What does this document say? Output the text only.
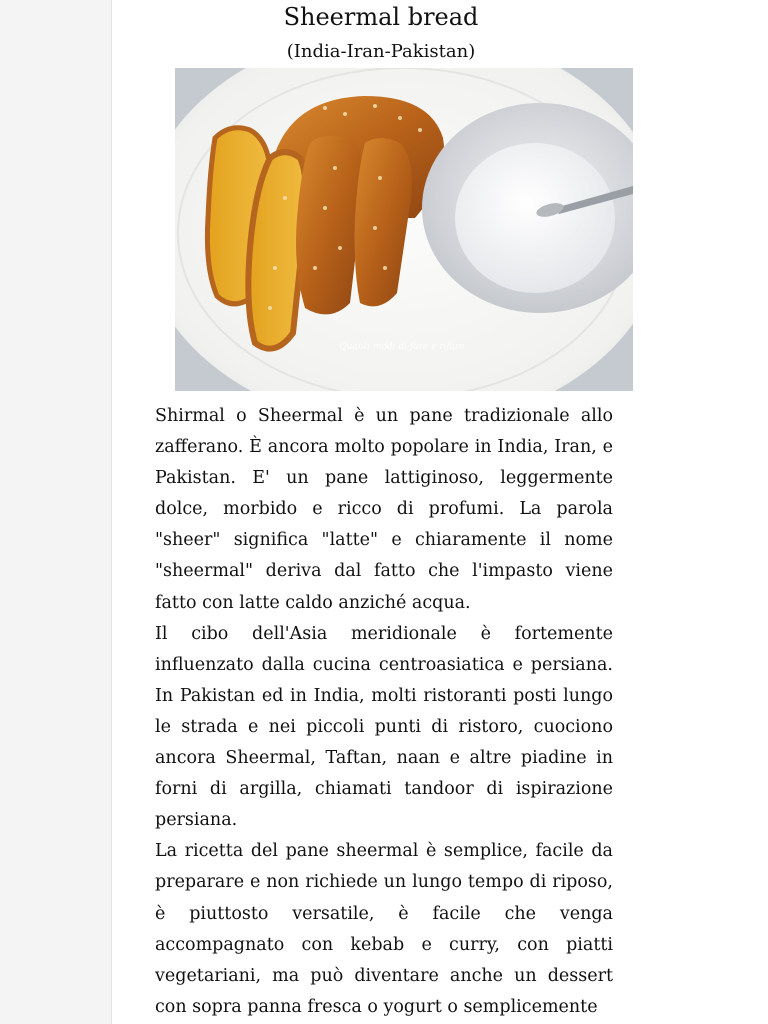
Sheermal bread
(India-Iran-Pakistan)
Quanti modi di fare e rifare

Shirmal o Sheermal è un pane tradizionale allo zafferano. È ancora molto popolare in India, Iran, e Pakistan. E' un pane lattiginoso, leggermente dolce, morbido e ricco di profumi. La parola "sheer" significa "latte" e chiaramente il nome "sheermal" deriva dal fatto che l'impasto viene fatto con latte caldo anziché acqua.

Il cibo dell'Asia meridionale è fortemente influenzato dalla cucina centroasiatica e persiana. In Pakistan ed in India, molti ristoranti posti lungo le strada e nei piccoli punti di ristoro, cuociono ancora Sheermal, Taftan, naan e altre piadine in forni di argilla, chiamati tandoor di ispirazione persiana.

La ricetta del pane sheermal è semplice, facile da preparare e non richiede un lungo tempo di riposo, è piuttosto versatile, è facile che venga accompagnato con kebab e curry, con piatti vegetariani, ma può diventare anche un dessert con sopra panna fresca o yogurt o semplicemente
